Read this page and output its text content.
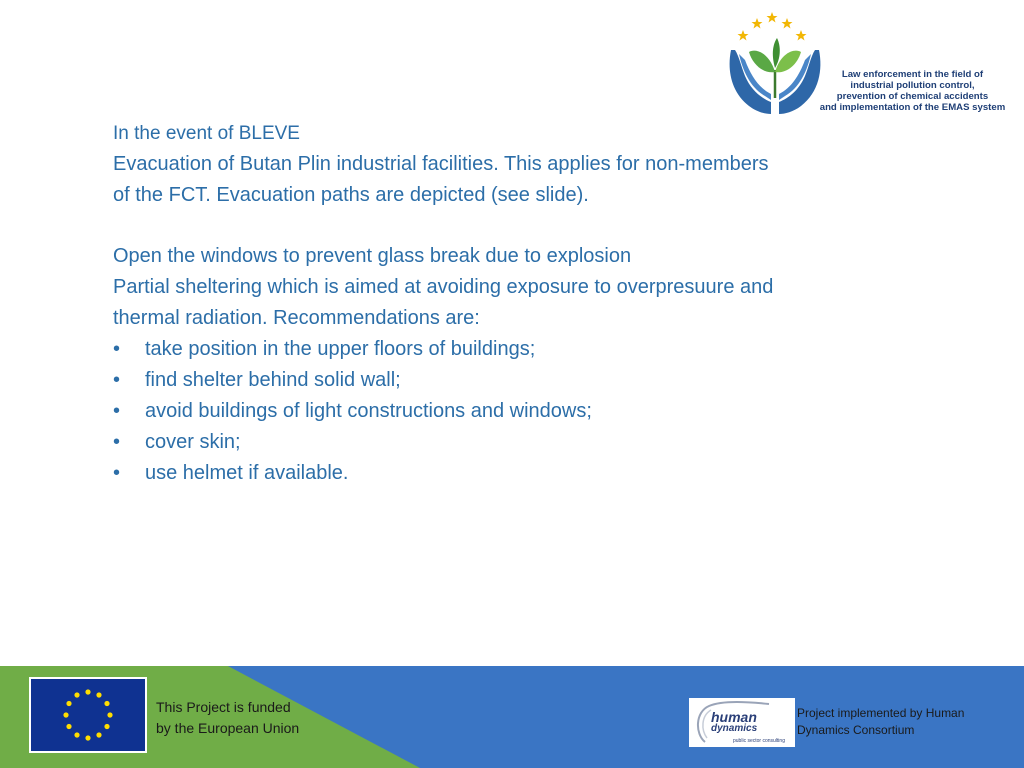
Law enforcement in the field of
industrial pollution control,
prevention of chemical accidents
and implementation of the EMAS system
In the event of BLEVE
Evacuation of Butan Plin industrial facilities. This applies for non-members
of the FCT. Evacuation paths are depicted (see slide).
Open the windows to prevent glass break due to explosion
Partial sheltering which is aimed at avoiding exposure to overpresuure and
thermal radiation. Recommendations are:
•	take position in the upper floors of buildings;
•	find shelter behind solid wall;
•	avoid buildings of light constructions and windows;
•	cover skin;
•	use helmet if available.
This Project is funded
by the European Union
human
dynamics
public sector consulting
Project implemented by Human
Dynamics Consortium
